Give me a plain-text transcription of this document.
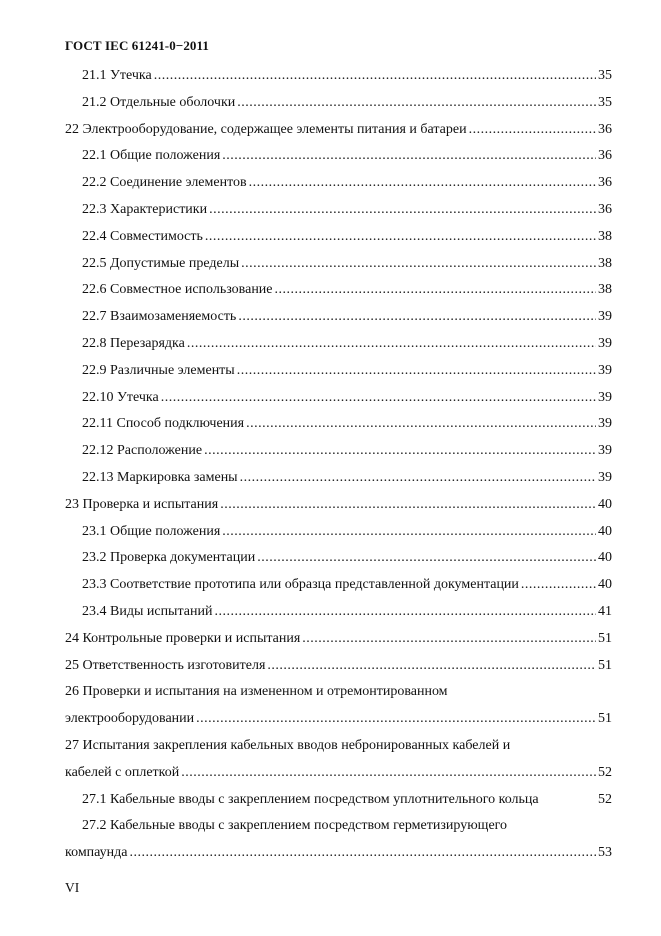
ГОСТ IEC 61241-0−2011
21.1 Утечка .....	35
21.2 Отдельные оболочки .....	35
22 Электрооборудование, содержащее элементы питания и батареи .....	36
22.1 Общие положения .....	36
22.2 Соединение элементов .....	36
22.3 Характеристики .....	36
22.4 Совместимость .....	38
22.5 Допустимые пределы .....	38
22.6 Совместное использование .....	38
22.7 Взаимозаменяемость .....	39
22.8 Перезарядка .....	39
22.9 Различные элементы .....	39
22.10 Утечка .....	39
22.11 Способ подключения .....	39
22.12 Расположение .....	39
22.13 Маркировка замены .....	39
23 Проверка и испытания .....	40
23.1 Общие положения .....	40
23.2 Проверка документации .....	40
23.3 Соответствие прототипа или образца представленной документации .....	40
23.4 Виды испытаний .....	41
24 Контрольные проверки и испытания .....	51
25 Ответственность изготовителя .....	51
26 Проверки и испытания на измененном и отремонтированном
электрооборудовании .....	51
27 Испытания закрепления кабельных вводов небронированных кабелей и
кабелей с оплеткой .....	52
27.1 Кабельные вводы с закреплением посредством уплотнительного кольца	52
27.2 Кабельные вводы с закреплением посредством герметизирующего
компаунда .....	53
VI
